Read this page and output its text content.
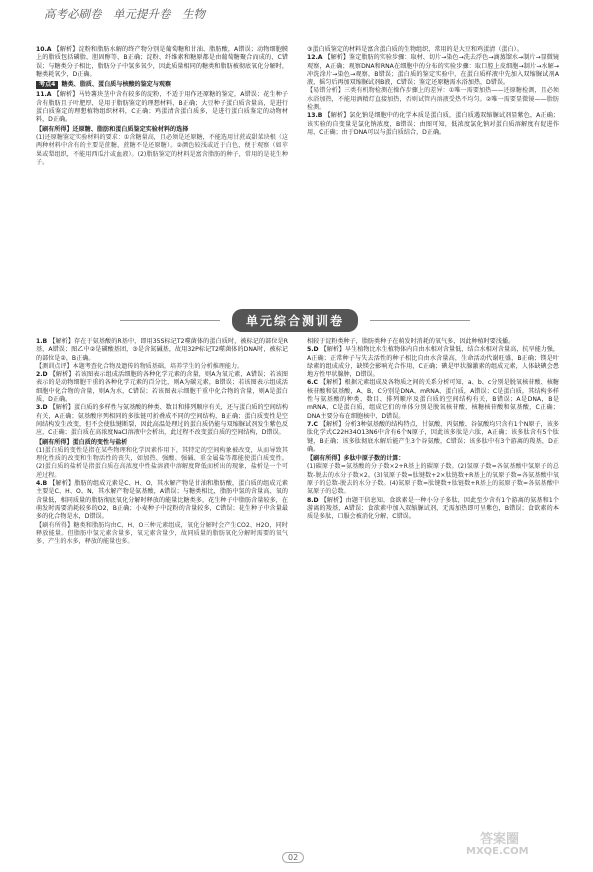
高考必刷卷　单元提升卷　生物

10.A 【解析】淀粉和脂肪水解的终产物分别是葡萄糖和甘油、脂肪酸，A错误；动物细胞膜上的脂质包括磷脂、胆固醇等，B正确；淀粉、纤维素和糖原都是由葡萄糖聚合而成的，C错误；与糖类分子相比，脂肪分子中氢多氧少，因此质量相同的糖类和脂肪被彻底氧化分解时，糖类耗氧少，D正确。

考点4 糖类、脂质、蛋白质与核酸的鉴定与观察

11.A 【解析】马铃薯块茎中含有较多的淀粉，不适于用作还原糖的鉴定，A错误；花生种子含有脂肪且子叶肥厚，是用于脂肪鉴定的理想材料，B正确；大豆种子蛋白质含量高，是进行蛋白质鉴定的理想植物组织材料，C正确；鸡蛋清含蛋白质多，是进行蛋白质鉴定的动物材料，D正确。

【刷有所得】还原糖、脂肪和蛋白质鉴定实验材料的选择

(1)还原糖鉴定实验材料的要求：①含糖量高，且必须是还原糖，不能选用甘蔗或甜菜块根（这两种材料中含有的主要是蔗糖，蔗糖不是还原糖）。②颜色较浅或近于白色，便于观察（如苹果或梨组织，不能用西瓜汁或血液）。(2)脂肪鉴定的材料是富含脂肪的种子，常用的是花生种子。

③蛋白质鉴定的材料是富含蛋白质的生物组织，常用的是大豆和鸡蛋清（蛋白）。

12.A 【解析】鉴定脂肪的实验步骤：取材、切片→染色→洗去浮色→滴蒸馏水→制片→显微镜观察，A正确；观察DNA和RNA在细胞中的分布的实验步骤：取口腔上皮细胞→制片→水解→冲洗涂片→染色→观察，B错误；蛋白质的鉴定实验中，在蛋白质样液中先加入双缩脲试剂A液，摇匀后再加双缩脲试剂B液，C错误；鉴定还原糖需水浴加热，D错误。

【易错分析】三类有机物检测在操作步骤上的差异：①唯一需要加热——还原糖检测，且必须水浴加热，不能用酒精灯直接加热，否则试管内溶液受热不均匀。②唯一需要显微镜——脂肪检测。

13.B 【解析】氯化钠是细胞中的化学本质是蛋白质，蛋白质遇双缩脲试剂显紫色，A正确；该实验的自变量是氯化钠浓度，B错误；由图可知，低浓度氯化钠对蛋白质溶解度有促进作用，C正确；由于DNA可以与蛋白质结合，D正确。

单元综合测训卷

1.B 【解析】存在于氨基酸的R基中，即用35S标记T2噬菌体的蛋白质时，被标记的部位是R基，A错误；图乙中②是磷酸基团，③是含氮碱基，故用32P标记T2噬菌体的DNA时，被标记的部位是②，B正确。

【测训点评】本题考查化合物及遗传的物质基础，培养学生的分析推理能力。

2.D 【解析】若该图表示组成活细胞的各种化学元素的含量，则A为氧元素，A错误；若该图表示的是动物细胞干重的各种化学元素的百分比，则A为碳元素，B错误；若该图表示组成活细胞中化合物的含量，则A为水，C错误；若该图表示细胞干重中化合物的含量，则A是蛋白质，D正确。

3.D 【解析】蛋白质的多样性与氨基酸的种类、数目和排列顺序有关，还与蛋白质的空间结构有关，A正确；氨基酸序列相同的多肽链可折叠成不同的空间结构，B正确；蛋白质变性是空间结构发生改变，但不会使肽键断裂，因此高温处理过的蛋白质仍能与双缩脲试剂发生紫色反应，C正确；蛋白质在高浓度NaCl溶液中会析出，此过程不改变蛋白质的空间结构，D错误。

【刷有所得】蛋白质的变性与盐析

(1)蛋白质的变性是指在某些物理和化学因素作用下，其特定的空间构象被改变，从而导致其理化性质的改变和生物活性的丧失，如加热、强酸、强碱、重金属盐等都能使蛋白质变性。(2)蛋白质的盐析是指蛋白质在高浓度中性盐溶液中溶解度降低而析出的现象，盐析是一个可逆过程。

4.B 【解析】脂肪的组成元素是C、H、O，其水解产物是甘油和脂肪酸，蛋白质的组成元素主要是C、H、O、N，其水解产物是氨基酸，A错误；与糖类相比，脂肪中氢的含量高、氧的含量低，相同质量的脂肪彻底氧化分解时释放的能量比糖类多，花生种子中脂肪含量较多，在萌发时需要消耗较多的O2，B正确；小麦种子中淀粉的含量较多，C错误；花生种子中含量最多的化合物是水，D错误。

【刷有所得】糖类和脂肪均由C、H、O三种元素组成，氧化分解时会产生CO2、H2O，同时释放能量。但脂肪中氢元素含量多，氧元素含量少，故同质量的脂肪氧化分解时需要的氧气多，产生的水多，释放的能量也多。

相较于淀粉类种子，脂肪类种子在萌发时消耗的氧气多，因此种植时要浅播。

5.D 【解析】早生植物比水生植物体内自由水相对含量低，结合水相对含量高，抗旱能力强，A正确；正常种子与失去活性的种子相比自由水含量高，生命活动代谢旺盛，B正确；镁是叶绿素的组成成分，缺镁会影响光合作用，C正确；碘是甲状腺激素的组成元素，人体缺碘会患地方性甲状腺肿，D错误。

6.C 【解析】根据元素组成及各物质之间的关系分析可知，a、b、c分别是脱氧核苷酸、核糖核苷酸和氨基酸，A、B、C分别是DNA、mRNA、蛋白质，A错误；C是蛋白质，其结构多样性与氨基酸的种类、数目、排列顺序及蛋白质的空间结构有关，B错误；A是DNA，B是mRNA，C是蛋白质，组成它们的单体分别是脱氧核苷酸、核糖核苷酸和氨基酸，C正确；DNA主要分布在细胞核中，D错误。

7.C 【解析】分析3种氨基酸的结构特点，甘氨酸、丙氨酸、谷氨酸均只含有1个N原子，该多肽化学式C22H34O13N6中含有6个N原子，因此该多肽是六肽，A正确；该多肽含有5个肽键，B正确；该多肽彻底水解后能产生3个谷氨酸，C错误；该多肽中有3个游离的羧基，D正确。

【刷有所得】多肽中原子数的计算：

(1)碳原子数=氨基酸的分子数×2+R基上的碳原子数。(2)氢原子数=各氨基酸中氢原子的总数-脱去的水分子数×2。(3)氧原子数=肽键数+2×肽链数+R基上的氧原子数=各氨基酸中氧原子的总数-脱去的水分子数。(4)氮原子数=肽键数+肽链数+R基上的氮原子数=各氨基酸中氮原子的总数。

8.D 【解析】由题干信息知，食欲素是一种小分子多肽，因此至少含有1个游离的氨基和1个游离的羧基，A错误；食欲素中加入双缩脲试剂，无需加热即可呈紫色，B错误；食欲素的本质是多肽，口服会被消化分解，C错误。

02
答案圈
MXQE.COM
